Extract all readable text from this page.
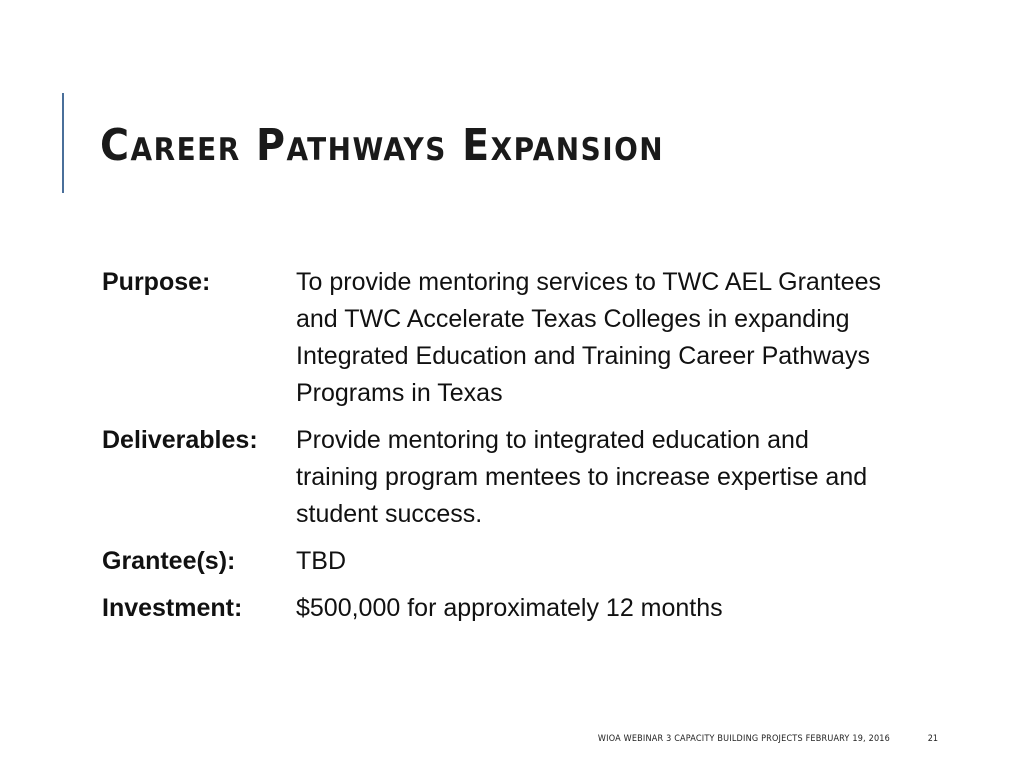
Career Pathways Expansion
Purpose:	To provide mentoring services to TWC AEL Grantees and TWC Accelerate Texas Colleges in expanding Integrated Education and Training Career Pathways Programs in Texas
Deliverables:	Provide mentoring to integrated education and training program mentees to increase expertise and student success.
Grantee(s):	TBD
Investment:	$500,000 for approximately 12 months
WIOA WEBINAR 3 CAPACITY BUILDING PROJECTS FEBRUARY 19, 2016	21
